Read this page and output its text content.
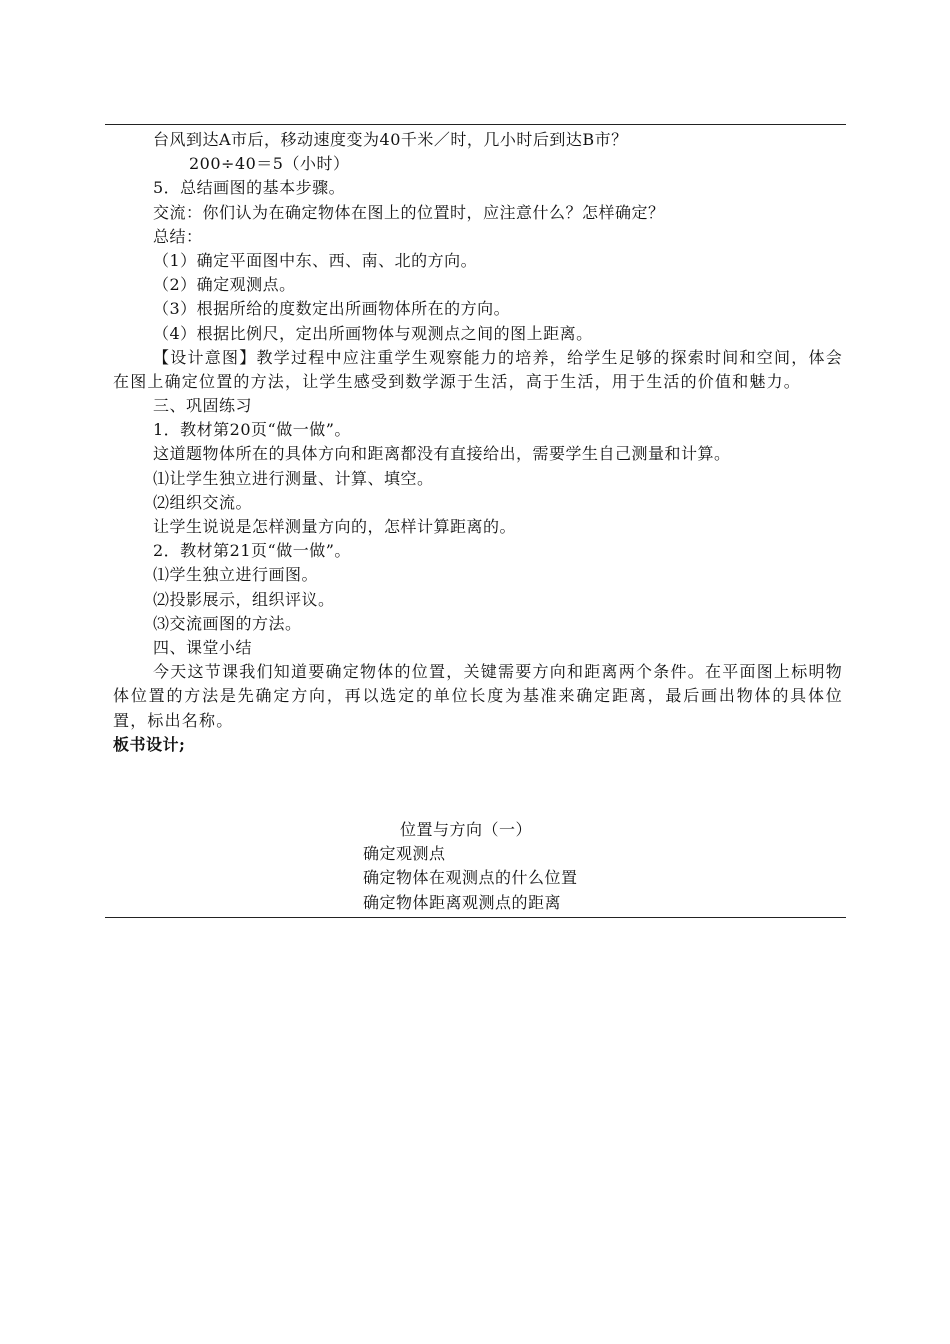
台风到达A市后，移动速度变为40千米／时，几小时后到达B市？
200÷40＝5（小时）
5．总结画图的基本步骤。
交流：你们认为在确定物体在图上的位置时，应注意什么？怎样确定？
总结：
（1）确定平面图中东、西、南、北的方向。
（2）确定观测点。
（3）根据所给的度数定出所画物体所在的方向。
（4）根据比例尺，定出所画物体与观测点之间的图上距离。
【设计意图】教学过程中应注重学生观察能力的培养，给学生足够的探索时间和空间，体会在图上确定位置的方法，让学生感受到数学源于生活，高于生活，用于生活的价值和魅力。
三、巩固练习
1．教材第20页“做一做”。
这道题物体所在的具体方向和距离都没有直接给出，需要学生自己测量和计算。
⑴让学生独立进行测量、计算、填空。
⑵组织交流。
让学生说说是怎样测量方向的，怎样计算距离的。
2．教材第21页“做一做”。
⑴学生独立进行画图。
⑵投影展示，组织评议。
⑶交流画图的方法。
四、课堂小结
今天这节课我们知道要确定物体的位置，关键需要方向和距离两个条件。在平面图上标明物体位置的方法是先确定方向，再以选定的单位长度为基准来确定距离，最后画出物体的具体位置，标出名称。
板书设计;
位置与方向（一）
确定观测点
确定物体在观测点的什么位置
确定物体距离观测点的距离
